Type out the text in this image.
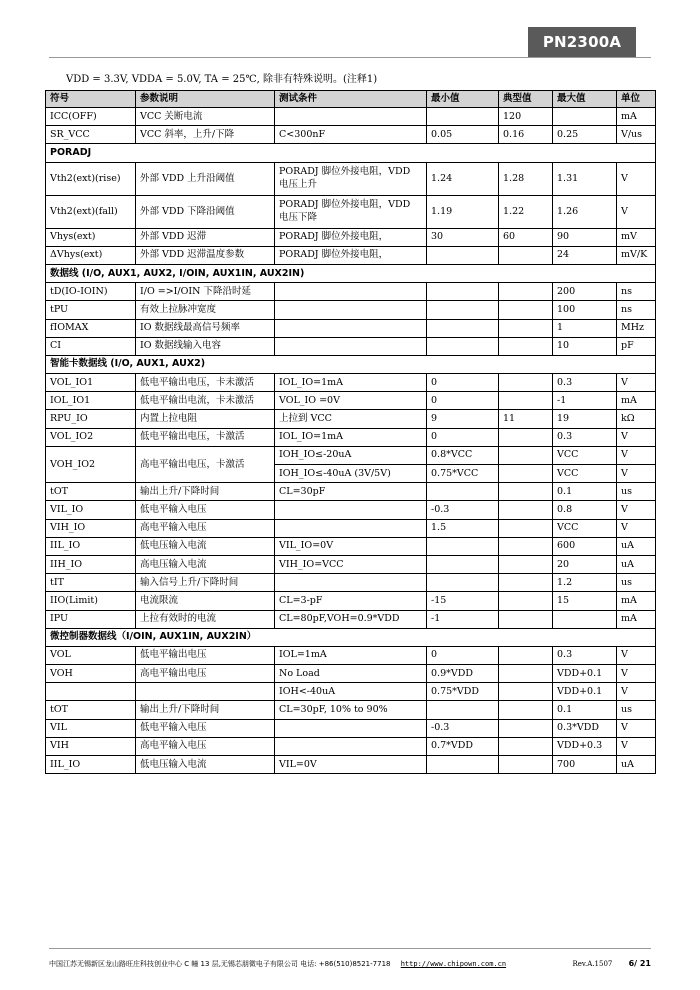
PN2300A
VDD = 3.3V, VDDA = 5.0V, TA = 25℃, 除非有特殊说明。(注释1)
符号	参数说明	测试条件	最小值	典型值	最大值	单位
ICC(OFF)	VCC 关断电流			120		mA
SR_VCC	VCC 斜率，上升/下降	C<300nF	0.05	0.16	0.25	V/us
PORADJ						
Vth2(ext)(rise)	外部 VDD 上升沿阈值	PORADJ 脚位外接电阻，VDD 电压上升	1.24	1.28	1.31	V
Vth2(ext)(fall)	外部 VDD 下降沿阈值	PORADJ 脚位外接电阻，VDD 电压下降	1.19	1.22	1.26	V
Vhys(ext)	外部 VDD 迟滞	PORADJ 脚位外接电阻，	30	60	90	mV
ΔVhys(ext)	外部 VDD 迟滞温度参数	PORADJ 脚位外接电阻，			24	mV/K
数据线 (I/O, AUX1, AUX2, I/OIN, AUX1IN, AUX2IN)						
tD(IO-IOIN)	I/O =>I/OIN 下降沿时延				200	ns
tPU	有效上拉脉冲宽度				100	ns
fIOMAX	IO 数据线最高信号频率				1	MHz
CI	IO 数据线输入电容				10	pF
智能卡数据线 (I/O, AUX1, AUX2)						
VOL_IO1	低电平输出电压，卡未激活	IOL_IO=1mA	0		0.3	V
IOL_IO1	低电平输出电流，卡未激活	VOL_IO =0V	0		-1	mA
RPU_IO	内置上拉电阻	上拉到 VCC	9	11	19	kΩ
VOL_IO2	低电平输出电压，卡激活	IOL_IO=1mA	0		0.3	V
VOH_IO2	高电平输出电压，卡激活	IOH_IO≤-20uA	0.8*VCC		VCC	V
		IOH_IO≤-40uA (3V/5V)	0.75*VCC		VCC	V
tOT	输出上升/下降时间	CL=30pF			0.1	us
VIL_IO	低电平输入电压		-0.3		0.8	V
VIH_IO	高电平输入电压		1.5		VCC	V
IIL_IO	低电压输入电流	VIL_IO=0V			600	uA
IIH_IO	高电压输入电流	VIH_IO=VCC			20	uA
tIT	输入信号上升/下降时间				1.2	us
IIO(Limit)	电流限流	CL=3-pF	-15		15	mA
IPU	上拉有效时的电流	CL=80pF,VOH=0.9*VDD	-1			mA
微控制器数据线（I/OIN, AUX1IN, AUX2IN）						
VOL	低电平输出电压	IOL=1mA	0		0.3	V
VOH	高电平输出电压	No Load	0.9*VDD		VDD+0.1	V
		IOH<-40uA	0.75*VDD		VDD+0.1	V
tOT	输出上升/下降时间	CL=30pF, 10% to 90%			0.1	us
VIL	低电平输入电压		-0.3		0.3*VDD	V
VIH	高电平输入电压		0.7*VDD		VDD+0.3	V
IIL_IO	低电压输入电流	VIL=0V			700	uA
中国江苏无锡新区龙山路旺庄科技创业中心 C 幢 13 层,无锡芯朋微电子有限公司 电话: +86(510)8521-7718 http://www.chipown.com.cn	Rev.A.1507 6/ 21
